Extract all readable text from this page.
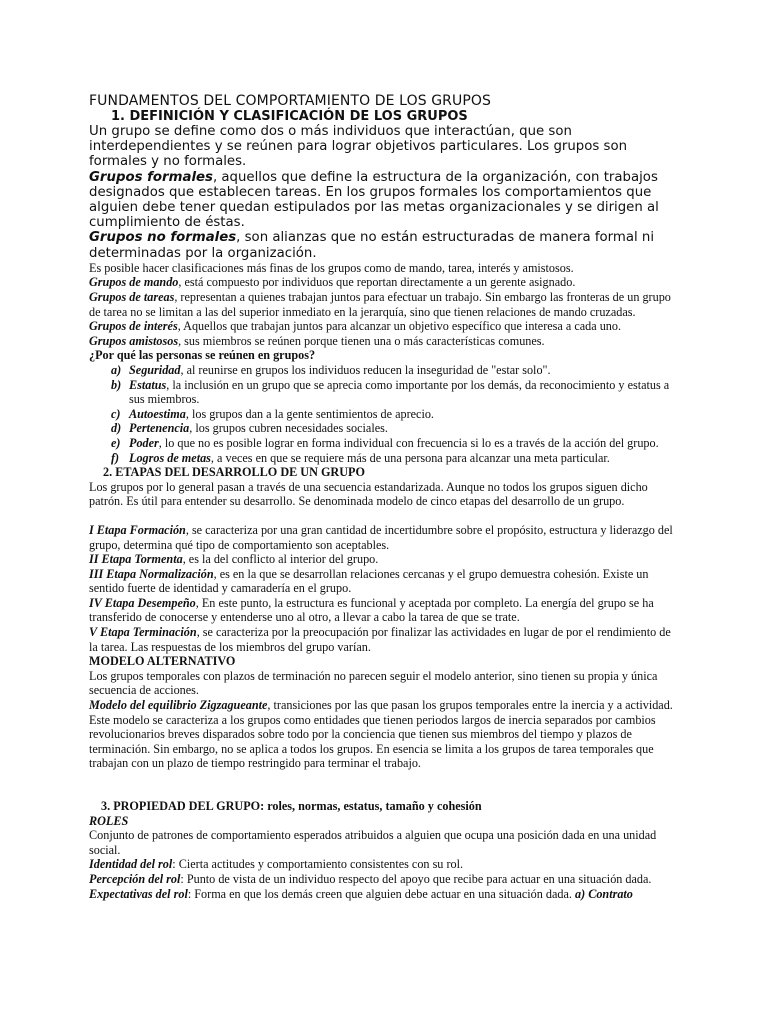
FUNDAMENTOS DEL COMPORTAMIENTO DE LOS GRUPOS
1. DEFINICIÓN Y CLASIFICACIÓN DE LOS GRUPOS

Un grupo se define como dos o más individuos que interactúan, que son interdependientes y se reúnen para lograr objetivos particulares. Los grupos son formales y no formales.

Grupos formales, aquellos que define la estructura de la organización, con trabajos designados que establecen tareas. En los grupos formales los comportamientos que alguien debe tener quedan estipulados por las metas organizacionales y se dirigen al cumplimiento de éstas.

Grupos no formales, son alianzas que no están estructuradas de manera formal ni determinadas por la organización.

Es posible hacer clasificaciones más finas de los grupos como de mando, tarea, interés y amistosos.

Grupos de mando, está compuesto por individuos que reportan directamente a un gerente asignado.

Grupos de tareas, representan a quienes trabajan juntos para efectuar un trabajo. Sin embargo las fronteras de un grupo de tarea no se limitan a las del superior inmediato en la jerarquía, sino que tienen relaciones de mando cruzadas.

Grupos de interés, Aquellos que trabajan juntos para alcanzar un objetivo específico que interesa a cada uno.

Grupos amistosos, sus miembros se reúnen porque tienen una o más características comunes.

¿Por qué las personas se reúnen en grupos?

a) Seguridad, al reunirse en grupos los individuos reducen la inseguridad de "estar solo".
b) Estatus, la inclusión en un grupo que se aprecia como importante por los demás, da reconocimiento y estatus a sus miembros.
c) Autoestima, los grupos dan a la gente sentimientos de aprecio.
d) Pertenencia, los grupos cubren necesidades sociales.
e) Poder, lo que no es posible lograr en forma individual con frecuencia si lo es a través de la acción del grupo.
f) Logros de metas, a veces en que se requiere más de una persona para alcanzar una meta particular.
2. ETAPAS DEL DESARROLLO DE UN GRUPO

Los grupos por lo general pasan a través de una secuencia estandarizada. Aunque no todos los grupos siguen dicho patrón. Es útil para entender su desarrollo. Se denominada modelo de cinco etapas del desarrollo de un grupo.

I Etapa Formación, se caracteriza por una gran cantidad de incertidumbre sobre el propósito, estructura y liderazgo del grupo, determina qué tipo de comportamiento son aceptables.

II Etapa Tormenta, es la del conflicto al interior del grupo.

III Etapa Normalización, es en la que se desarrollan relaciones cercanas y el grupo demuestra cohesión. Existe un sentido fuerte de identidad y camaradería en el grupo.

IV Etapa Desempeño, En este punto, la estructura es funcional y aceptada por completo. La energía del grupo se ha transferido de conocerse y entenderse uno al otro, a llevar a cabo la tarea de que se trate.

V Etapa Terminación, se caracteriza por la preocupación por finalizar las actividades en lugar de por el rendimiento de la tarea. Las respuestas de los miembros del grupo varían.

MODELO ALTERNATIVO

Los grupos temporales con plazos de terminación no parecen seguir el modelo anterior, sino tienen su propia y única secuencia de acciones.

Modelo del equilibrio Zigzagueante, transiciones por las que pasan los grupos temporales entre la inercia y a actividad. Este modelo se caracteriza a los grupos como entidades que tienen periodos largos de inercia separados por cambios revolucionarios breves disparados sobre todo por la conciencia que tienen sus miembros del tiempo y plazos de terminación. Sin embargo, no se aplica a todos los grupos. En esencia se limita a los grupos de tarea temporales que trabajan con un plazo de tiempo restringido para terminar el trabajo.

3. PROPIEDAD DEL GRUPO: roles, normas, estatus, tamaño y cohesión

ROLES

Conjunto de patrones de comportamiento esperados atribuidos a alguien que ocupa una posición dada en una unidad social.

Identidad del rol: Cierta actitudes y comportamiento consistentes con su rol.

Percepción del rol: Punto de vista de un individuo respecto del apoyo que recibe para actuar en una situación dada.

Expectativas del rol: Forma en que los demás creen que alguien debe actuar en una situación dada. a) Contrato
